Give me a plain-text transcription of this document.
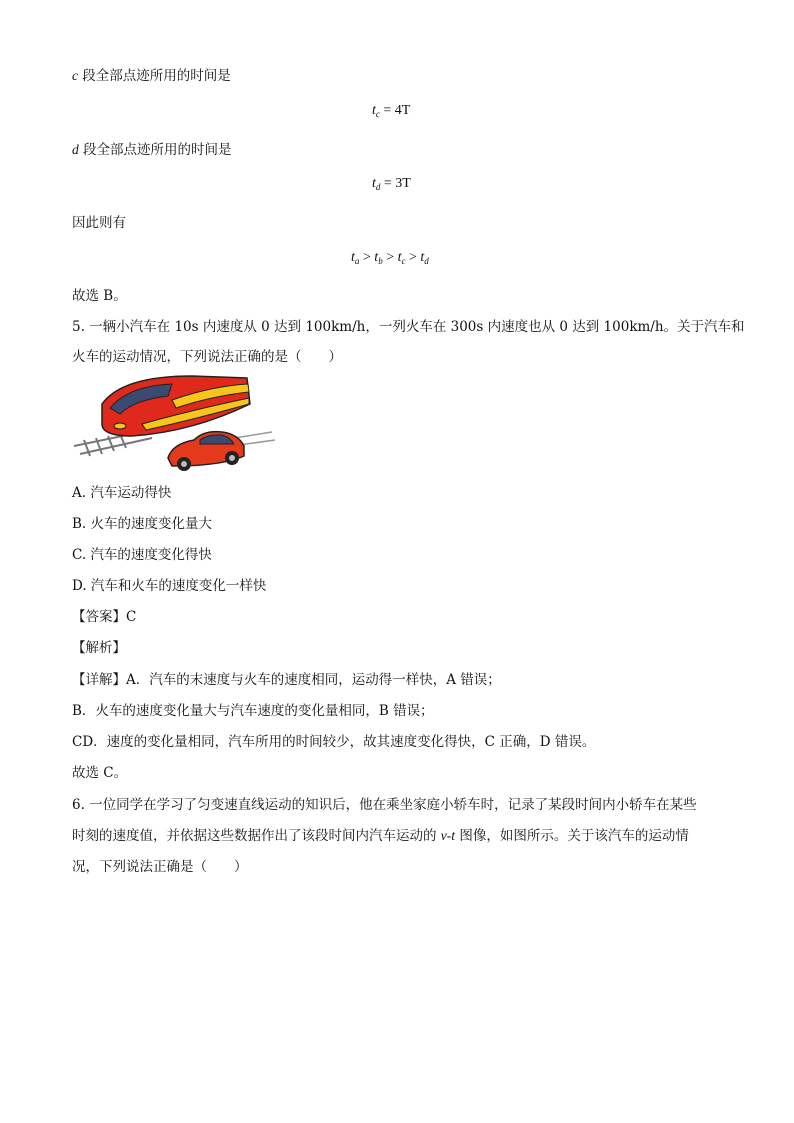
c 段全部点迹所用的时间是
$t_c = 4T$
d 段全部点迹所用的时间是
$t_d = 3T$
因此则有
$t_a > t_b > t_c > t_d$
故选 B。
5. 一辆小汽车在 10s 内速度从 0 达到 100km/h，一列火车在 300s 内速度也从 0 达到 100km/h。关于汽车和
火车的运动情况，下列说法正确的是（　　）
A. 汽车运动得快
B. 火车的速度变化量大
C. 汽车的速度变化得快
D. 汽车和火车的速度变化一样快
【答案】C
【解析】
【详解】A．汽车的末速度与火车的速度相同，运动得一样快，A 错误；
B．火车的速度变化量大与汽车速度的变化量相同，B 错误；
CD．速度的变化量相同，汽车所用的时间较少，故其速度变化得快，C 正确，D 错误。
故选 C。
6. 一位同学在学习了匀变速直线运动的知识后，他在乘坐家庭小轿车时，记录了某段时间内小轿车在某些
时刻的速度值，并依据这些数据作出了该段时间内汽车运动的 v-t 图像，如图所示。关于该汽车的运动情
况，下列说法正确是（　　）
